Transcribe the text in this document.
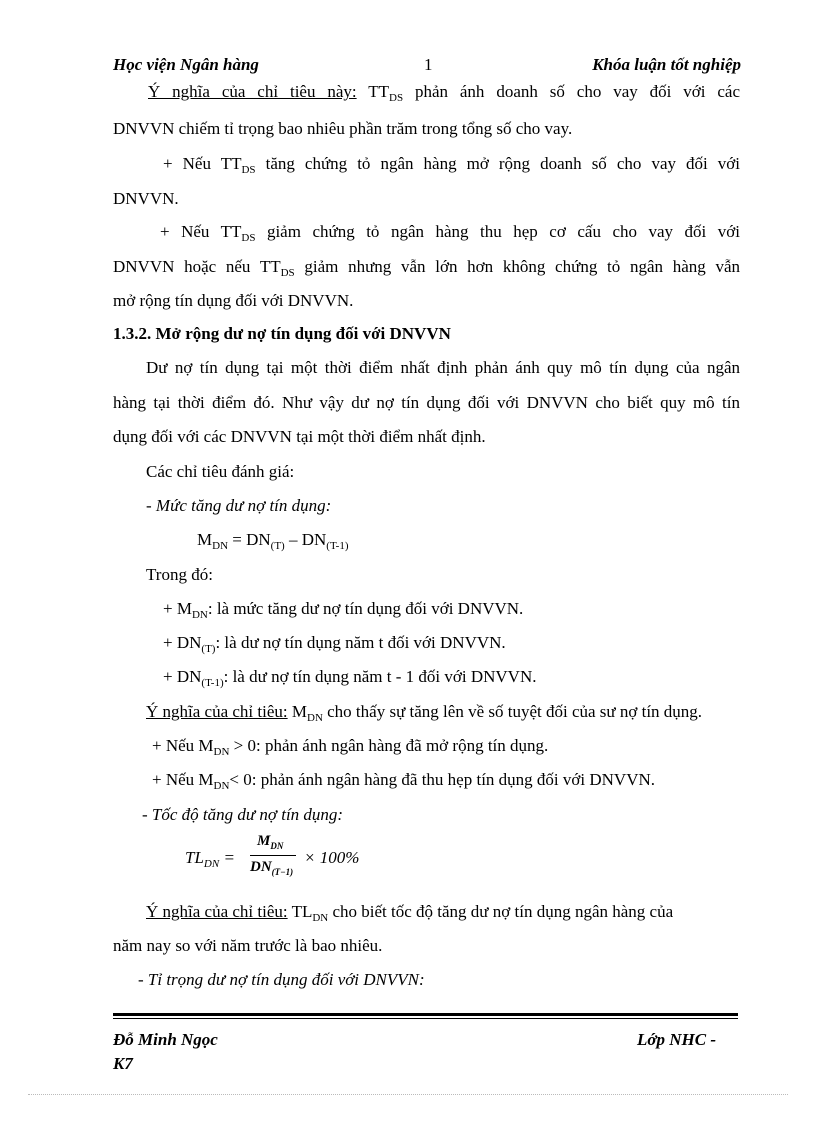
Học viện Ngân hàng	1	Khóa luận tốt nghiệp
Ý nghĩa của chỉ tiêu này: $TT_{DS}$ phản ánh doanh số cho vay đối với các
DNVVN chiếm tỉ trọng bao nhiêu phần trăm trong tổng số cho vay.
+ Nếu $TT_{DS}$ tăng chứng tỏ ngân hàng mở rộng doanh số cho vay đối với
DNVVN.
+ Nếu $TT_{DS}$ giảm chứng tỏ ngân hàng thu hẹp cơ cấu cho vay đối với
DNVVN hoặc nếu $TT_{DS}$ giảm nhưng vẫn lớn hơn không chứng tỏ ngân hàng vẫn
mở rộng tín dụng đối với DNVVN.
1.3.2. Mở rộng dư nợ tín dụng đối với DNVVN
Dư nợ tín dụng tại một thời điểm nhất định phản ánh quy mô tín dụng của ngân
hàng tại thời điểm đó. Như vậy dư nợ tín dụng đối với DNVVN cho biết quy mô tín
dụng đối với các DNVVN tại một thời điểm nhất định.
Các chỉ tiêu đánh giá:
- Mức tăng dư nợ tín dụng:
$M_{DN} = DN_{(T)} - DN_{(T-1)}$
Trong đó:
+ $M_{DN}$: là mức tăng dư nợ tín dụng đối với DNVVN.
+ $DN_{(T)}$: là dư nợ tín dụng năm t đối với DNVVN.
+ $DN_{(T-1)}$: là dư nợ tín dụng năm t - 1 đối với DNVVN.
Ý nghĩa của chỉ tiêu: $M_{DN}$ cho thấy sự tăng lên về số tuyệt đối của sư nợ tín dụng.
+ Nếu $M_{DN} > 0$: phản ánh ngân hàng đã mở rộng tín dụng.
+ Nếu $M_{DN}< 0$: phản ánh ngân hàng đã thu hẹp tín dụng đối với DNVVN.
- Tốc độ tăng dư nợ tín dụng:
$TL_{DN}$ =
$M_{DN}$
$DN_{(T-1)}$
× 100%
Ý nghĩa của chỉ tiêu: $TL_{DN}$ cho biết tốc độ tăng dư nợ tín dụng ngân hàng của
năm nay so với năm trước là bao nhiêu.
- Tỉ trọng dư nợ tín dụng đối với DNVVN:
Đỗ Minh Ngọc
K7
Lớp NHC -
